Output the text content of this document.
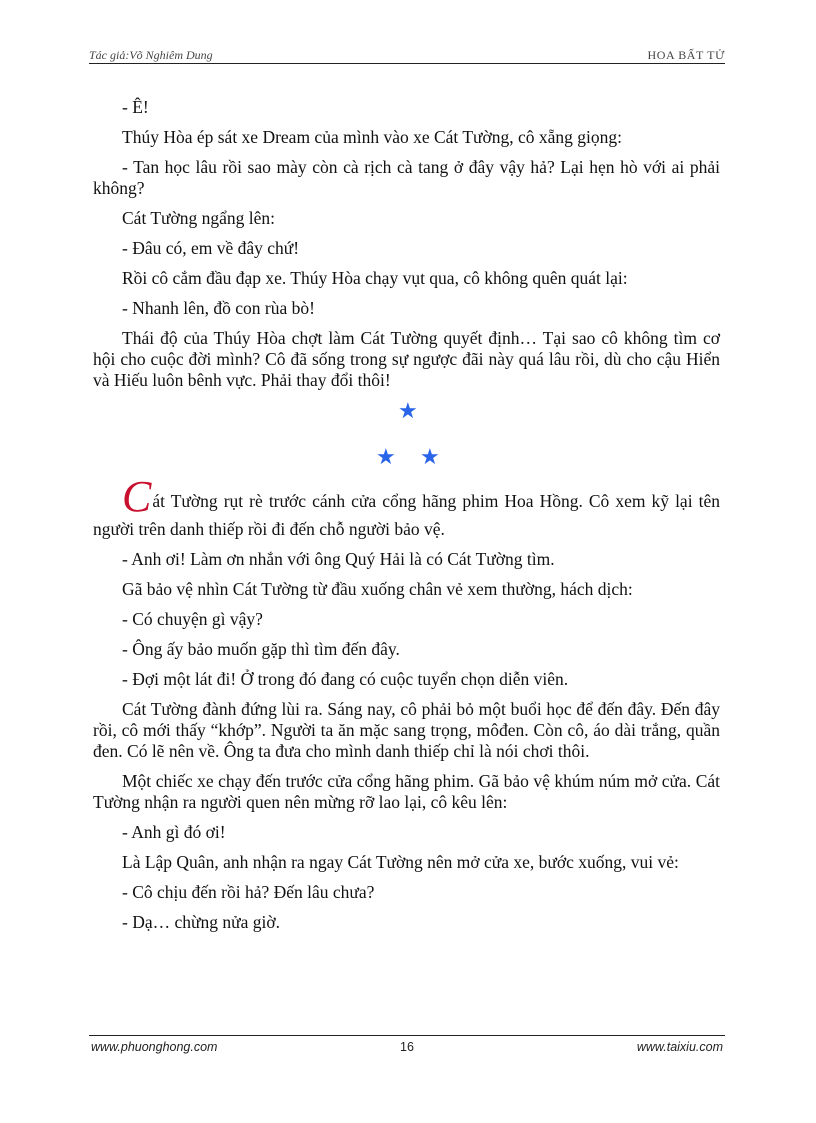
Tác giả:Võ Nghiêm Dung	HOA BẤT TỬ

- Ê!

Thúy Hòa ép sát xe Dream của mình vào xe Cát Tường, cô xẵng giọng:

- Tan học lâu rồi sao mày còn cà rịch cà tang ở đây vậy hả? Lại hẹn hò với ai phải không?

Cát Tường ngẩng lên:

- Đâu có, em về đây chứ!

Rồi cô cắm đầu đạp xe. Thúy Hòa chạy vụt qua, cô không quên quát lại:

- Nhanh lên, đồ con rùa bò!

Thái độ của Thúy Hòa chợt làm Cát Tường quyết định… Tại sao cô không tìm cơ hội cho cuộc đời mình? Cô đã sống trong sự ngược đãi này quá lâu rồi, dù cho cậu Hiển và Hiếu luôn bênh vực. Phải thay đổi thôi!

★
★ ★

Cát Tường rụt rè trước cánh cửa cổng hãng phim Hoa Hồng. Cô xem kỹ lại tên người trên danh thiếp rồi đi đến chỗ người bảo vệ.

- Anh ơi! Làm ơn nhắn với ông Quý Hải là có Cát Tường tìm.

Gã bảo vệ nhìn Cát Tường từ đầu xuống chân vẻ xem thường, hách dịch:

- Có chuyện gì vậy?

- Ông ấy bảo muốn gặp thì tìm đến đây.

- Đợi một lát đi! Ở trong đó đang có cuộc tuyển chọn diễn viên.

Cát Tường đành đứng lùi ra. Sáng nay, cô phải bỏ một buổi học để đến đây. Đến đây rồi, cô mới thấy “khớp”. Người ta ăn mặc sang trọng, môđen. Còn cô, áo dài trắng, quần đen. Có lẽ nên về. Ông ta đưa cho mình danh thiếp chỉ là nói chơi thôi.

Một chiếc xe chạy đến trước cửa cổng hãng phim. Gã bảo vệ khúm núm mở cửa. Cát Tường nhận ra người quen nên mừng rỡ lao lại, cô kêu lên:

- Anh gì đó ơi!

Là Lập Quân, anh nhận ra ngay Cát Tường nên mở cửa xe, bước xuống, vui vẻ:

- Cô chịu đến rồi hả? Đến lâu chưa?

- Dạ… chừng nửa giờ.

www.phuonghong.com	16	www.taixiu.com
